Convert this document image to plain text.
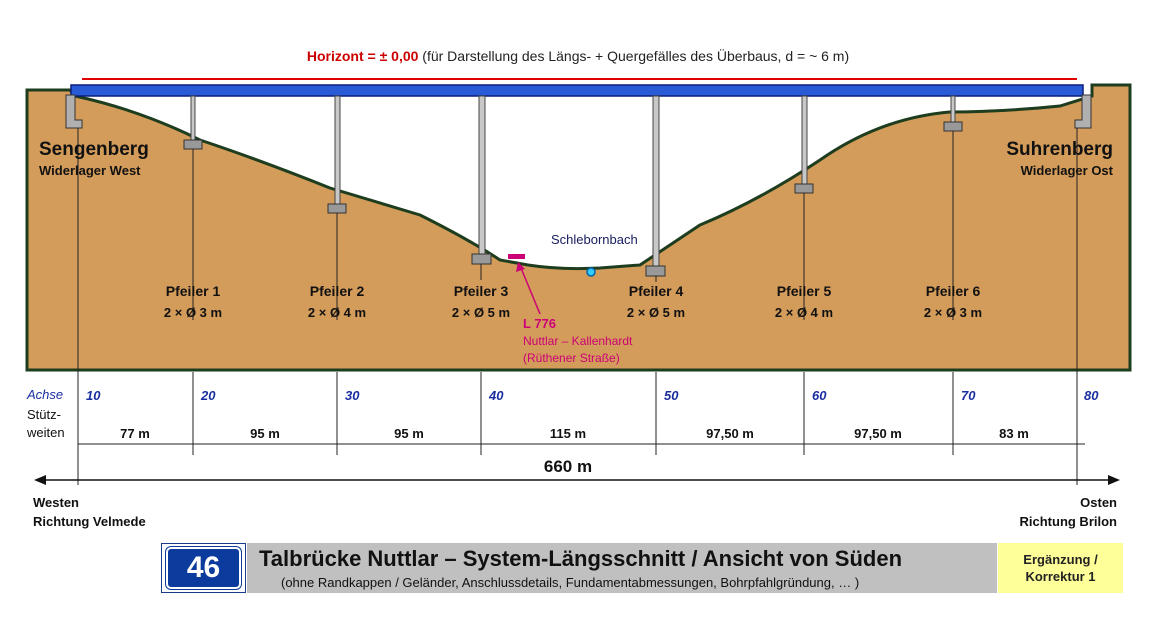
Horizont = ± 0,00 (für Darstellung des Längs- + Quergefälles des Überbaus, d = ~ 6 m)
Sengenberg
Widerlager West
Suhrenberg
Widerlager Ost
Schlebornbach
Pfeiler 1
2 × Ø 3 m
Pfeiler 2
2 × Ø 4 m
Pfeiler 3
2 × Ø 5 m
Pfeiler 4
2 × Ø 5 m
Pfeiler 5
2 × Ø 4 m
Pfeiler 6
2 × Ø 3 m
L 776
Nuttlar – Kallenhardt
(Rüthener Straße)
Achse 10	20	30	40	50	60	70	80
Stütz-
weiten	77 m	95 m	95 m	115 m	97,50 m	97,50 m	83 m
660 m
Westen
Richtung Velmede
Osten
Richtung Brilon
46	Talbrücke Nuttlar – System-Längsschnitt / Ansicht von Süden
(ohne Randkappen / Geländer, Anschlussdetails, Fundamentabmessungen, Bohrpfahlgründung, … )
Ergänzung /
Korrektur 1
